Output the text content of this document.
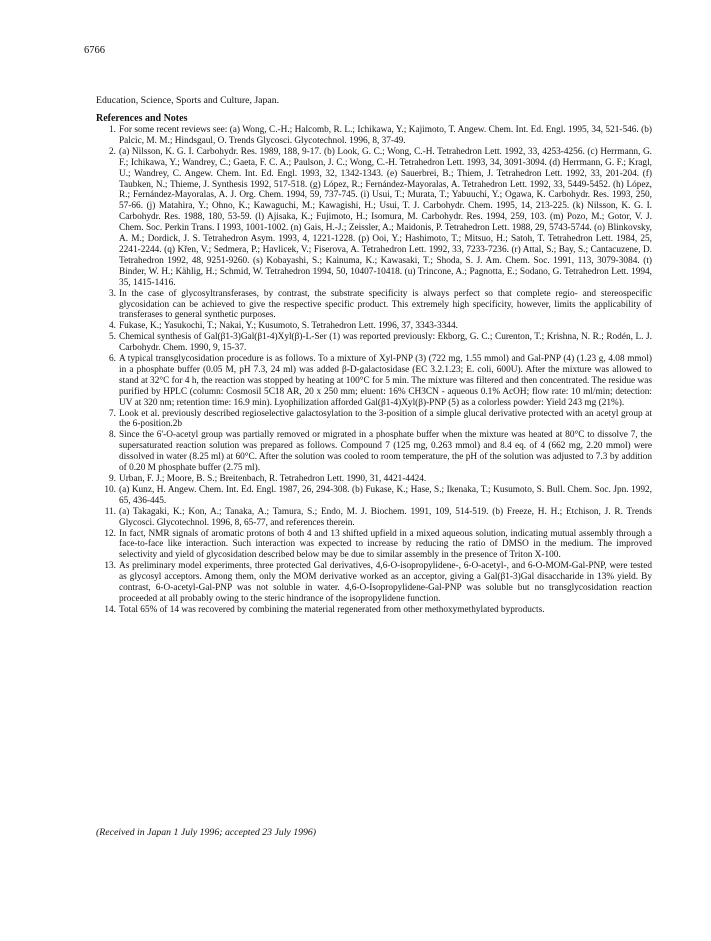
6766
Education, Science, Sports and Culture, Japan.
References and Notes
1. For some recent reviews see: (a) Wong, C.-H.; Halcomb, R. L.; Ichikawa, Y.; Kajimoto, T. Angew. Chem. Int. Ed. Engl. 1995, 34, 521-546. (b) Palcic, M. M.; Hindsgaul, O. Trends Glycosci. Glycotechnol. 1996, 8, 37-49.
2. (a) Nilsson, K. G. I. Carbohydr. Res. 1989, 188, 9-17. (b) Look, G. C.; Wong, C.-H. Tetrahedron Lett. 1992, 33, 4253-4256. (c) Herrmann, G. F.; Ichikawa, Y.; Wandrey, C.; Gaeta, F. C. A.; Paulson, J. C.; Wong, C.-H. Tetrahedron Lett. 1993, 34, 3091-3094. (d) Herrmann, G. F.; Kragl, U.; Wandrey, C. Angew. Chem. Int. Ed. Engl. 1993, 32, 1342-1343. (e) Sauerbrei, B.; Thiem, J. Tetrahedron Lett. 1992, 33, 201-204. (f) Taubken, N.; Thieme, J. Synthesis 1992, 517-518. (g) López, R.; Fernández-Mayoralas, A. Tetrahedron Lett. 1992, 33, 5449-5452. (h) López, R.; Fernández-Mayoralas, A. J. Org. Chem. 1994, 59, 737-745. (i) Usui, T.; Murata, T.; Yabuuchi, Y.; Ogawa, K. Carbohydr. Res. 1993, 250, 57-66. (j) Matahira, Y.; Ohno, K.; Kawaguchi, M.; Kawagishi, H.; Usui, T. J. Carbohydr. Chem. 1995, 14, 213-225. (k) Nilsson, K. G. I. Carbohydr. Res. 1988, 180, 53-59. (l) Ajisaka, K.; Fujimoto, H.; Isomura, M. Carbohydr. Res. 1994, 259, 103. (m) Pozo, M.; Gotor, V. J. Chem. Soc. Perkin Trans. I 1993, 1001-1002. (n) Gais, H.-J.; Zeissler, A.; Maidonis, P. Tetrahedron Lett. 1988, 29, 5743-5744. (o) Blinkovsky, A. M.; Dordick, J. S. Tetrahedron Asym. 1993, 4, 1221-1228. (p) Ooi, Y.; Hashimoto, T.; Mitsuo, H.; Satoh, T. Tetrahedron Lett. 1984, 25, 2241-2244. (q) Křen, V.; Sedmera, P.; Havlicek, V.; Fiserova, A. Tetrahedron Lett. 1992, 33, 7233-7236. (r) Attal, S.; Bay, S.; Cantacuzene, D. Tetrahedron 1992, 48, 9251-9260. (s) Kobayashi, S.; Kainuma, K.; Kawasaki, T.; Shoda, S. J. Am. Chem. Soc. 1991, 113, 3079-3084. (t) Binder, W. H.; Kählig, H.; Schmid, W. Tetrahedron 1994, 50, 10407-10418. (u) Trincone, A.; Pagnotta, E.; Sodano, G. Tetrahedron Lett. 1994, 35, 1415-1416.
3. In the case of glycosyltransferases, by contrast, the substrate specificity is always perfect so that complete regio- and stereospecific glycosidation can be achieved to give the respective specific product. This extremely high specificity, however, limits the applicability of transferases to general synthetic purposes.
4. Fukase, K.; Yasukochi, T.; Nakai, Y.; Kusumoto, S. Tetrahedron Lett. 1996, 37, 3343-3344.
5. Chemical synthesis of Gal(β1-3)Gal(β1-4)Xyl(β)-L-Ser (1) was reported previously: Ekborg, G. C.; Curenton, T.; Krishna, N. R.; Rodén, L. J. Carbohydr. Chem. 1990, 9, 15-37.
6. A typical transglycosidation procedure is as follows. To a mixture of Xyl-PNP (3) (722 mg, 1.55 mmol) and Gal-PNP (4) (1.23 g, 4.08 mmol) in a phosphate buffer (0.05 M, pH 7.3, 24 ml) was added β-D-galactosidase (EC 3.2.1.23; E. coli, 600U). After the mixture was allowed to stand at 32°C for 4 h, the reaction was stopped by heating at 100°C for 5 min. The mixture was filtered and then concentrated. The residue was purified by HPLC (column: Cosmosil 5C18 AR, 20 x 250 mm; eluent: 16% CH3CN - aqueous 0.1% AcOH; flow rate: 10 ml/min; detection: UV at 320 nm; retention time: 16.9 min). Lyophilization afforded Gal(β1-4)Xyl(β)-PNP (5) as a colorless powder: Yield 243 mg (21%).
7. Look et al. previously described regioselective galactosylation to the 3-position of a simple glucal derivative protected with an acetyl group at the 6-position.2b
8. Since the 6'-O-acetyl group was partially removed or migrated in a phosphate buffer when the mixture was heated at 80°C to dissolve 7, the supersaturated reaction solution was prepared as follows. Compound 7 (125 mg, 0.263 mmol) and 8.4 eq. of 4 (662 mg, 2.20 mmol) were dissolved in water (8.25 ml) at 60°C. After the solution was cooled to room temperature, the pH of the solution was adjusted to 7.3 by addition of 0.20 M phosphate buffer (2.75 ml).
9. Urban, F. J.; Moore, B. S.; Breitenbach, R. Tetrahedron Lett. 1990, 31, 4421-4424.
10. (a) Kunz, H. Angew. Chem. Int. Ed. Engl. 1987, 26, 294-308. (b) Fukase, K.; Hase, S.; Ikenaka, T.; Kusumoto, S. Bull. Chem. Soc. Jpn. 1992, 65, 436-445.
11. (a) Takagaki, K.; Kon, A.; Tanaka, A.; Tamura, S.; Endo, M. J. Biochem. 1991, 109, 514-519. (b) Freeze, H. H.; Etchison, J. R. Trends Glycosci. Glycotechnol. 1996, 8, 65-77, and references therein.
12. In fact, NMR signals of aromatic protons of both 4 and 13 shifted upfield in a mixed aqueous solution, indicating mutual assembly through a face-to-face like interaction. Such interaction was expected to increase by reducing the ratio of DMSO in the medium. The improved selectivity and yield of glycosidation described below may be due to similar assembly in the presence of Triton X-100.
13. As preliminary model experiments, three protected Gal derivatives, 4,6-O-isopropylidene-, 6-O-acetyl-, and 6-O-MOM-Gal-PNP, were tested as glycosyl acceptors. Among them, only the MOM derivative worked as an acceptor, giving a Gal(β1-3)Gal disaccharide in 13% yield. By contrast, 6-O-acetyl-Gal-PNP was not soluble in water. 4,6-O-Isopropylidene-Gal-PNP was soluble but no transglycosidation reaction proceeded at all probably owing to the steric hindrance of the isopropylidene function.
14. Total 65% of 14 was recovered by combining the material regenerated from other methoxymethylated byproducts.
(Received in Japan 1 July 1996; accepted 23 July 1996)
